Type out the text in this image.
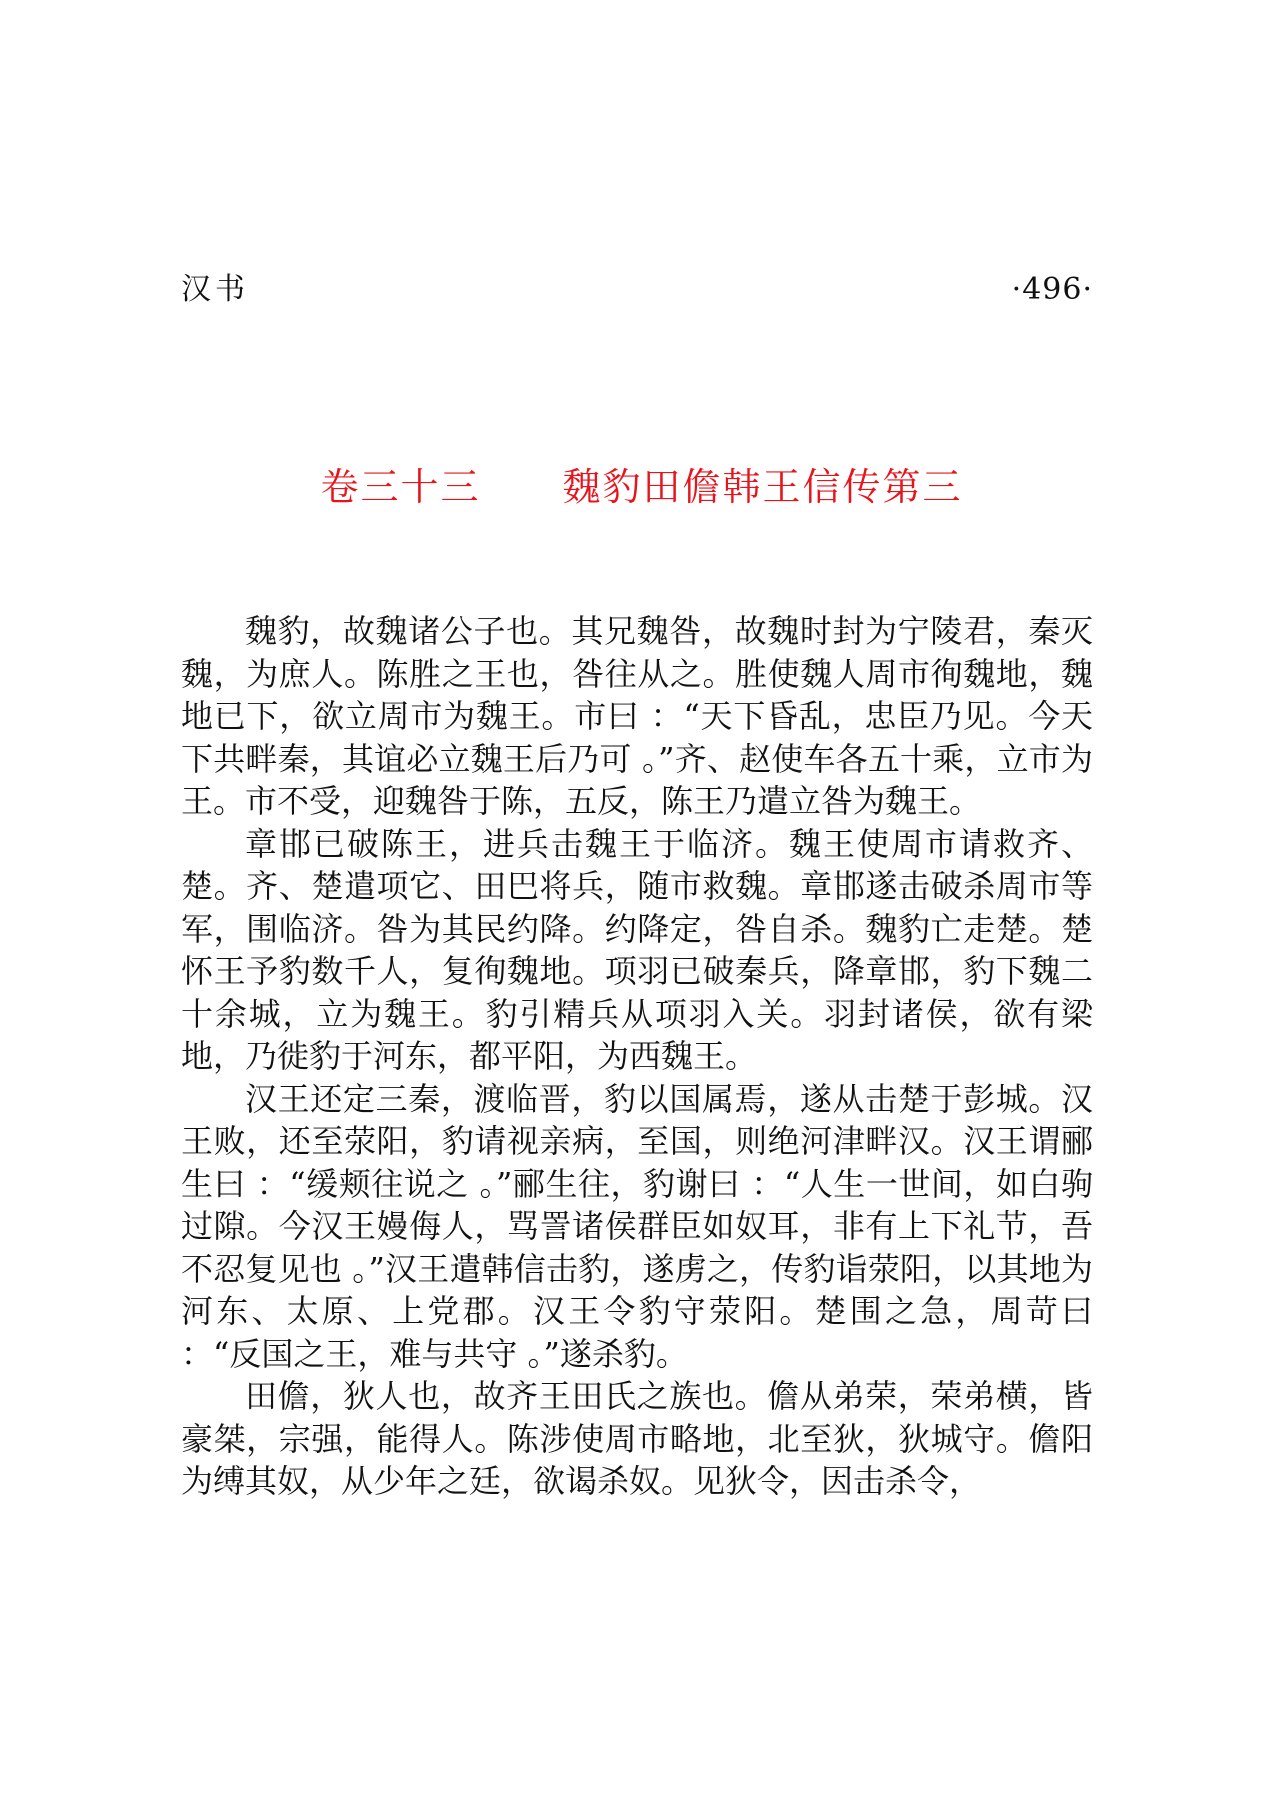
汉书	·496·
卷三十三 魏豹田儋韩王信传第三

魏豹，故魏诸公子也。其兄魏咎，故魏时封为宁陵君，秦灭魏，为庶人。陈胜之王也，咎往从之。胜使魏人周市徇魏地，魏地已下，欲立周市为魏王。市曰 ：“天下昏乱，忠臣乃见。今天下共畔秦，其谊必立魏王后乃可 。”齐、赵使车各五十乘，立市为王。市不受，迎魏咎于陈，五反，陈王乃遣立咎为魏王。

章邯已破陈王，进兵击魏王于临济。魏王使周市请救齐、楚。齐、楚遣项它、田巴将兵，随市救魏。章邯遂击破杀周市等军，围临济。咎为其民约降。约降定，咎自杀。魏豹亡走楚。楚怀王予豹数千人，复徇魏地。项羽已破秦兵，降章邯，豹下魏二十余城，立为魏王。豹引精兵从项羽入关。羽封诸侯，欲有梁地，乃徙豹于河东，都平阳，为西魏王。

汉王还定三秦，渡临晋，豹以国属焉，遂从击楚于彭城。汉王败，还至荥阳，豹请视亲病，至国，则绝河津畔汉。汉王谓郦生曰 ：“缓颊往说之 。”郦生往，豹谢曰 ：“人生一世间，如白驹过隙。今汉王嫚侮人，骂詈诸侯群臣如奴耳，非有上下礼节，吾不忍复见也 。”汉王遣韩信击豹，遂虏之，传豹诣荥阳，以其地为河东、太原、上党郡。汉王令豹守荥阳。楚围之急，周苛曰 ：“反国之王，难与共守 。”遂杀豹。

田儋，狄人也，故齐王田氏之族也。儋从弟荣，荣弟横，皆豪桀，宗强，能得人。陈涉使周市略地，北至狄，狄城守。儋阳为缚其奴，从少年之廷，欲谒杀奴。见狄令，因击杀令，
